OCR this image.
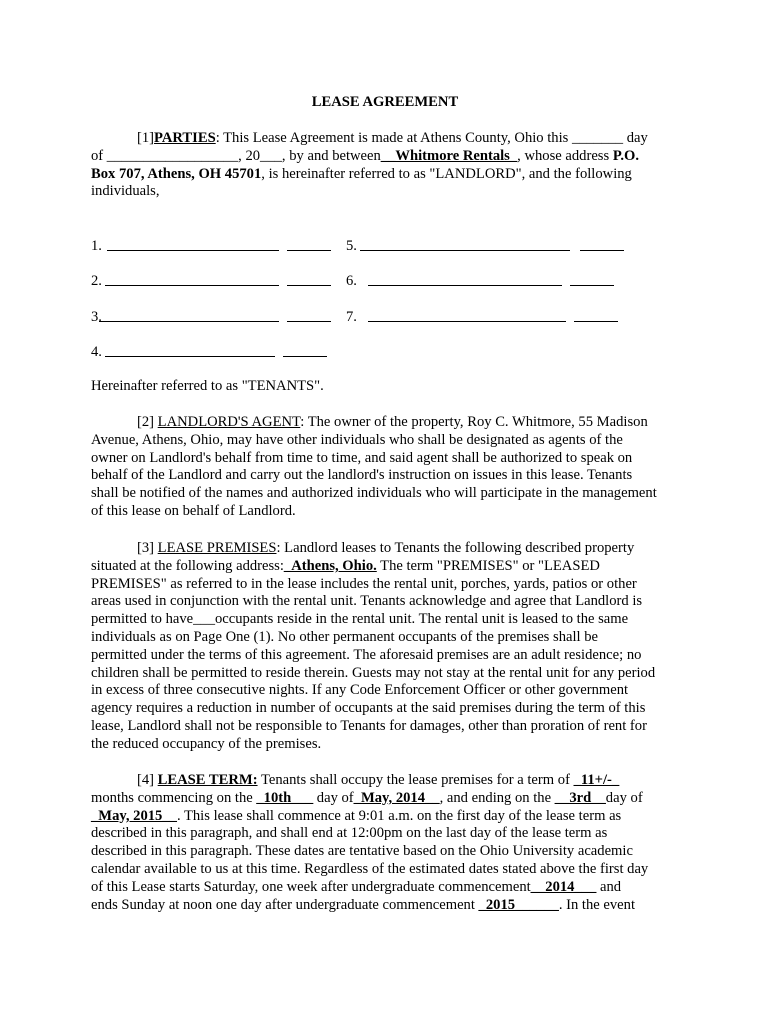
LEASE AGREEMENT
[1]PARTIES: This Lease Agreement is made at Athens County, Ohio this _______ day
of __________________, 20___, by and between__Whitmore Rentals_, whose address P.O.
Box 707, Athens, OH 45701, is hereinafter referred to as "LANDLORD", and the following
individuals,
1.	5.
2.	6.
3.	7.
4.
Hereinafter referred to as "TENANTS".
[2] LANDLORD'S AGENT: The owner of the property, Roy C. Whitmore, 55 Madison
Avenue, Athens, Ohio, may have other individuals who shall be designated as agents of the
owner on Landlord's behalf from time to time, and said agent shall be authorized to speak on
behalf of the Landlord and carry out the landlord's instruction on issues in this lease. Tenants
shall be notified of the names and authorized individuals who will participate in the management
of this lease on behalf of Landlord.
[3] LEASE PREMISES: Landlord leases to Tenants the following described property
situated at the following address:_Athens, Ohio. The term "PREMISES" or "LEASED
PREMISES" as referred to in the lease includes the rental unit, porches, yards, patios or other
areas used in conjunction with the rental unit. Tenants acknowledge and agree that Landlord is
permitted to have___occupants reside in the rental unit. The rental unit is leased to the same
individuals as on Page One (1). No other permanent occupants of the premises shall be
permitted under the terms of this agreement. The aforesaid premises are an adult residence; no
children shall be permitted to reside therein. Guests may not stay at the rental unit for any period
in excess of three consecutive nights. If any Code Enforcement Officer or other government
agency requires a reduction in number of occupants at the said premises during the term of this
lease, Landlord shall not be responsible to Tenants for damages, other than proration of rent for
the reduced occupancy of the premises.
[4] LEASE TERM: Tenants shall occupy the lease premises for a term of _11+/-_
months commencing on the _10th___ day of_May, 2014__, and ending on the __3rd__day of
_May, 2015__. This lease shall commence at 9:01 a.m. on the first day of the lease term as
described in this paragraph, and shall end at 12:00pm on the last day of the lease term as
described in this paragraph. These dates are tentative based on the Ohio University academic
calendar available to us at this time. Regardless of the estimated dates stated above the first day
of this Lease starts Saturday, one week after undergraduate commencement__2014___ and
ends Sunday at noon one day after undergraduate commencement _2015______. In the event
